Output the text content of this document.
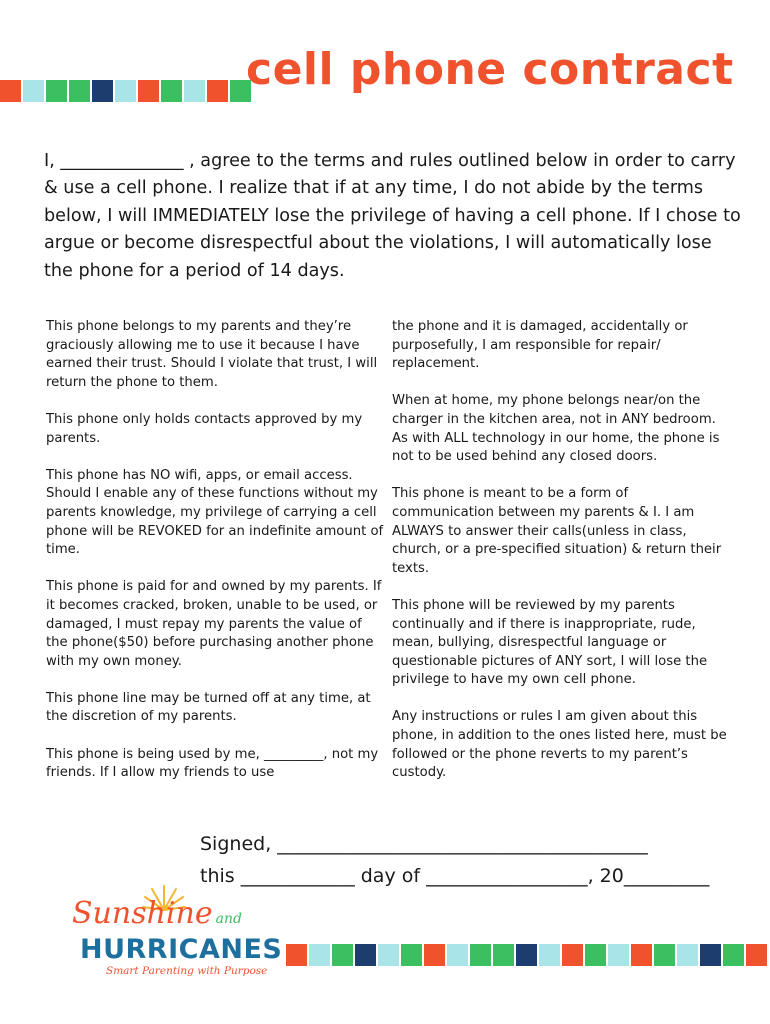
cell phone contract

I, ______________ , agree to the terms and rules outlined below in order to carry & use a cell phone. I realize that if at any time, I do not abide by the terms below, I will IMMEDIATELY lose the privilege of having a cell phone. If I chose to argue or become disrespectful about the violations, I will automatically lose the phone for a period of 14 days.

This phone belongs to my parents and they’re graciously allowing me to use it because I have earned their trust. Should I violate that trust, I will return the phone to them.

This phone only holds contacts approved by my parents.

This phone has NO wifi, apps, or email access. Should I enable any of these functions without my parents knowledge, my privilege of carrying a cell phone will be REVOKED for an indefinite amount of time.

This phone is paid for and owned by my parents. If it becomes cracked, broken, unable to be used, or damaged, I must repay my parents the value of the phone($50) before purchasing another phone with my own money.

This phone line may be turned off at any time, at the discretion of my parents.

This phone is being used by me, _________, not my friends. If I allow my friends to use

the phone and it is damaged, accidentally or purposefully, I am responsible for repair/ replacement.

When at home, my phone belongs near/on the charger in the kitchen area, not in ANY bedroom. As with ALL technology in our home, the phone is not to be used behind any closed doors.

This phone is meant to be a form of communication between my parents & I. I am ALWAYS to answer their calls(unless in class, church, or a pre-specified situation) & return their texts.

This phone will be reviewed by my parents continually and if there is inappropriate, rude, mean, bullying, disrespectful language or questionable pictures of ANY sort, I will lose the privilege to have my own cell phone.

Any instructions or rules I am given about this phone, in addition to the ones listed here, must be followed or the phone reverts to my parent’s custody.

Signed, _______________________________________
this ____________ day of _________________, 20_________
Sunshine and
HURRICANES
Smart Parenting with Purpose
